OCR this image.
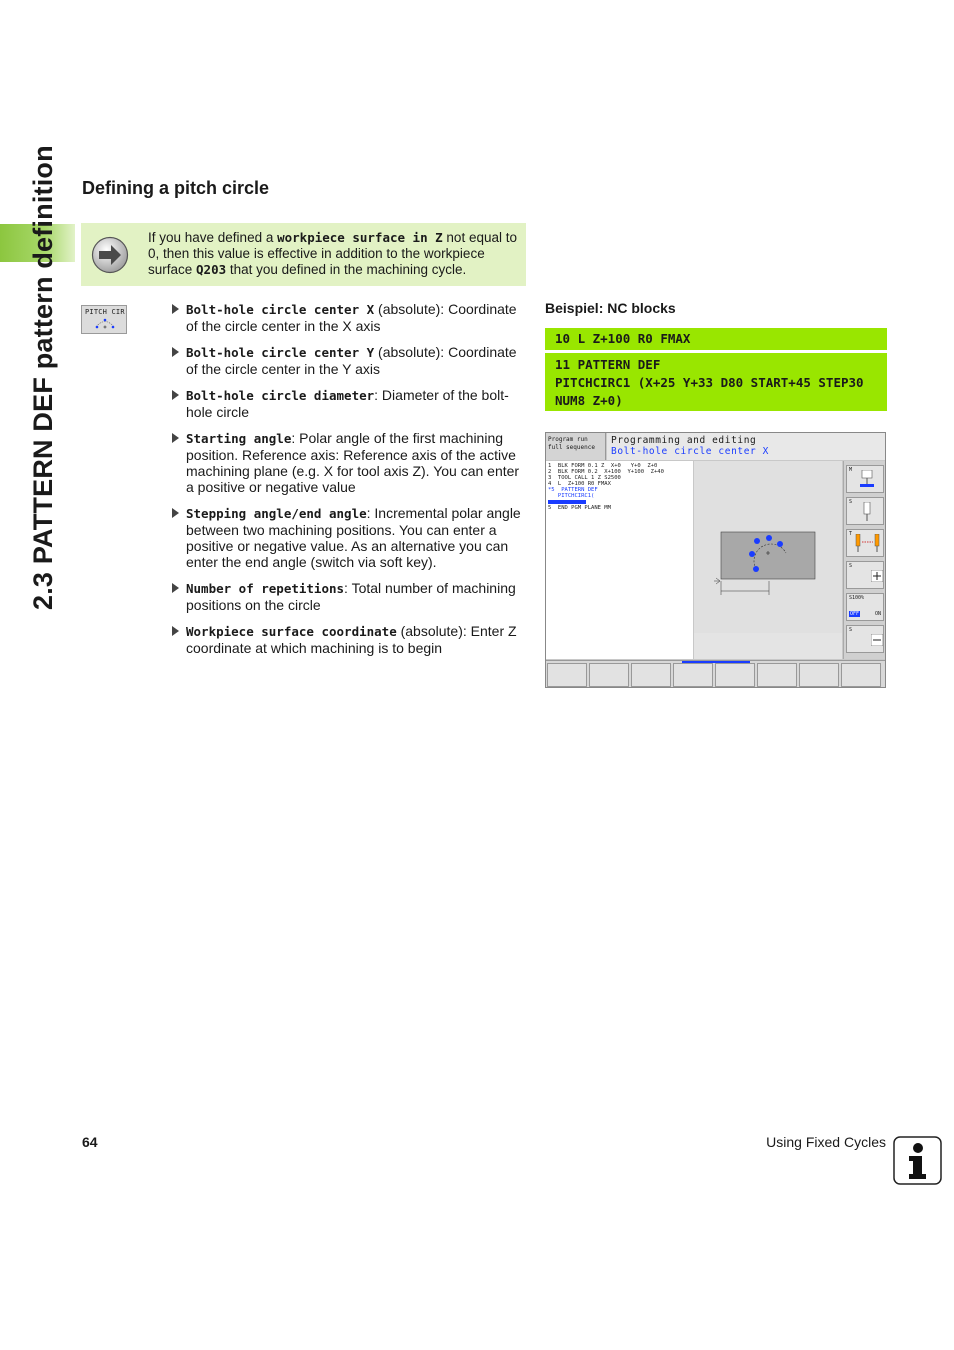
2.3 PATTERN DEF pattern definition Defining a pitch circle
If you have defined a workpiece surface in Z not equal to 0, then this value is effective in addition to the workpiece surface Q203 that you defined in the machining cycle.
PITCH CIR	Bolt-hole circle center X (absolute): Coordinate of the circle center in the X axis
Bolt-hole circle center Y (absolute): Coordinate of the circle center in the Y axis
Bolt-hole circle diameter: Diameter of the bolt-hole circle
Starting angle: Polar angle of the first machining position. Reference axis: Reference axis of the active machining plane (e.g. X for tool axis Z). You can enter a positive or negative value
Stepping angle/end angle: Incremental polar angle between two machining positions. You can enter a positive or negative value. As an alternative you can enter the end angle (switch via soft key).
Number of repetitions: Total number of machining positions on the circle
Workpiece surface coordinate (absolute): Enter Z coordinate at which machining is to begin
Beispiel: NC blocks
10 L Z+100 R0 FMAX
11 PATTERN DEF
PITCHCIRC1 (X+25 Y+33 D80 START+45 STEP30
NUM8 Z+0)
Program run
full sequence
Programming and editing
Bolt-hole circle center X
1  BLK FORM 0.1 Z  X+0   Y+0  Z+0
2  BLK FORM 0.2  X+100  Y+100  Z+40
3  TOOL CALL 1 Z S2500
4  L  Z+100 R0 FMAX
*5  PATTERN DEF
PITCHCIRC1(
5  END PGM PLANE MM
M
S
T
S
S100%
OFF	ON
S
64	Using Fixed Cycles
